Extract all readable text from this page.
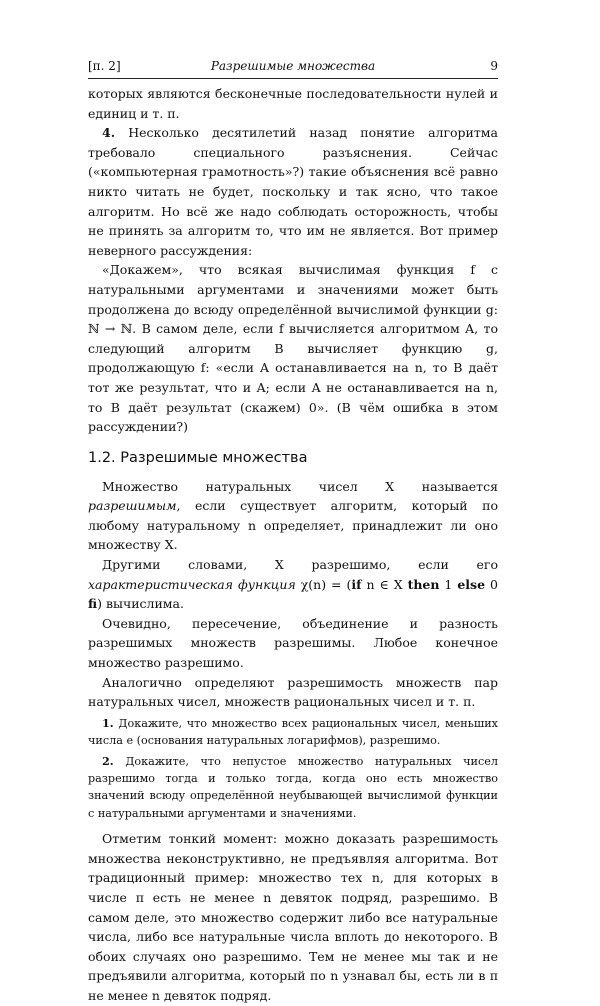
[п. 2]	Разрешимые множества	9

которых являются бесконечные последовательности нулей и единиц и т. п.

4. Несколько десятилетий назад понятие алгоритма требовало специального разъяснения. Сейчас («компьютерная грамотность»?) такие объяснения всё равно никто читать не будет, поскольку и так ясно, что такое алгоритм. Но всё же надо соблюдать осторожность, чтобы не принять за алгоритм то, что им не является. Вот пример неверного рассуждения:

«Докажем», что всякая вычислимая функция f с натуральными аргументами и значениями может быть продолжена до всюду определённой вычислимой функции g: ℕ → ℕ. В самом деле, если f вычисляется алгоритмом A, то следующий алгоритм B вычисляет функцию g, продолжающую f: «если A останавливается на n, то B даёт тот же результат, что и A; если A не останавливается на n, то B даёт результат (скажем) 0». (В чём ошибка в этом рассуждении?)

1.2. Разрешимые множества

Множество натуральных чисел X называется разрешимым, если существует алгоритм, который по любому натуральному n определяет, принадлежит ли оно множеству X.

Другими словами, X разрешимо, если его характеристическая функция χ(n) = (if n ∈ X then 1 else 0 fi) вычислима.

Очевидно, пересечение, объединение и разность разрешимых множеств разрешимы. Любое конечное множество разрешимо.

Аналогично определяют разрешимость множеств пар натуральных чисел, множеств рациональных чисел и т. п.

1. Докажите, что множество всех рациональных чисел, меньших числа e (основания натуральных логарифмов), разрешимо.

2. Докажите, что непустое множество натуральных чисел разрешимо тогда и только тогда, когда оно есть множество значений всюду определённой неубывающей вычислимой функции с натуральными аргументами и значениями.

Отметим тонкий момент: можно доказать разрешимость множества неконструктивно, не предъявляя алгоритма. Вот традиционный пример: множество тех n, для которых в числе π есть не менее n девяток подряд, разрешимо. В самом деле, это множество содержит либо все натуральные числа, либо все натуральные числа вплоть до некоторого. В обоих случаях оно разрешимо. Тем не менее мы так и не предъявили алгоритма, который по n узнавал бы, есть ли в π не менее n девяток подряд.
